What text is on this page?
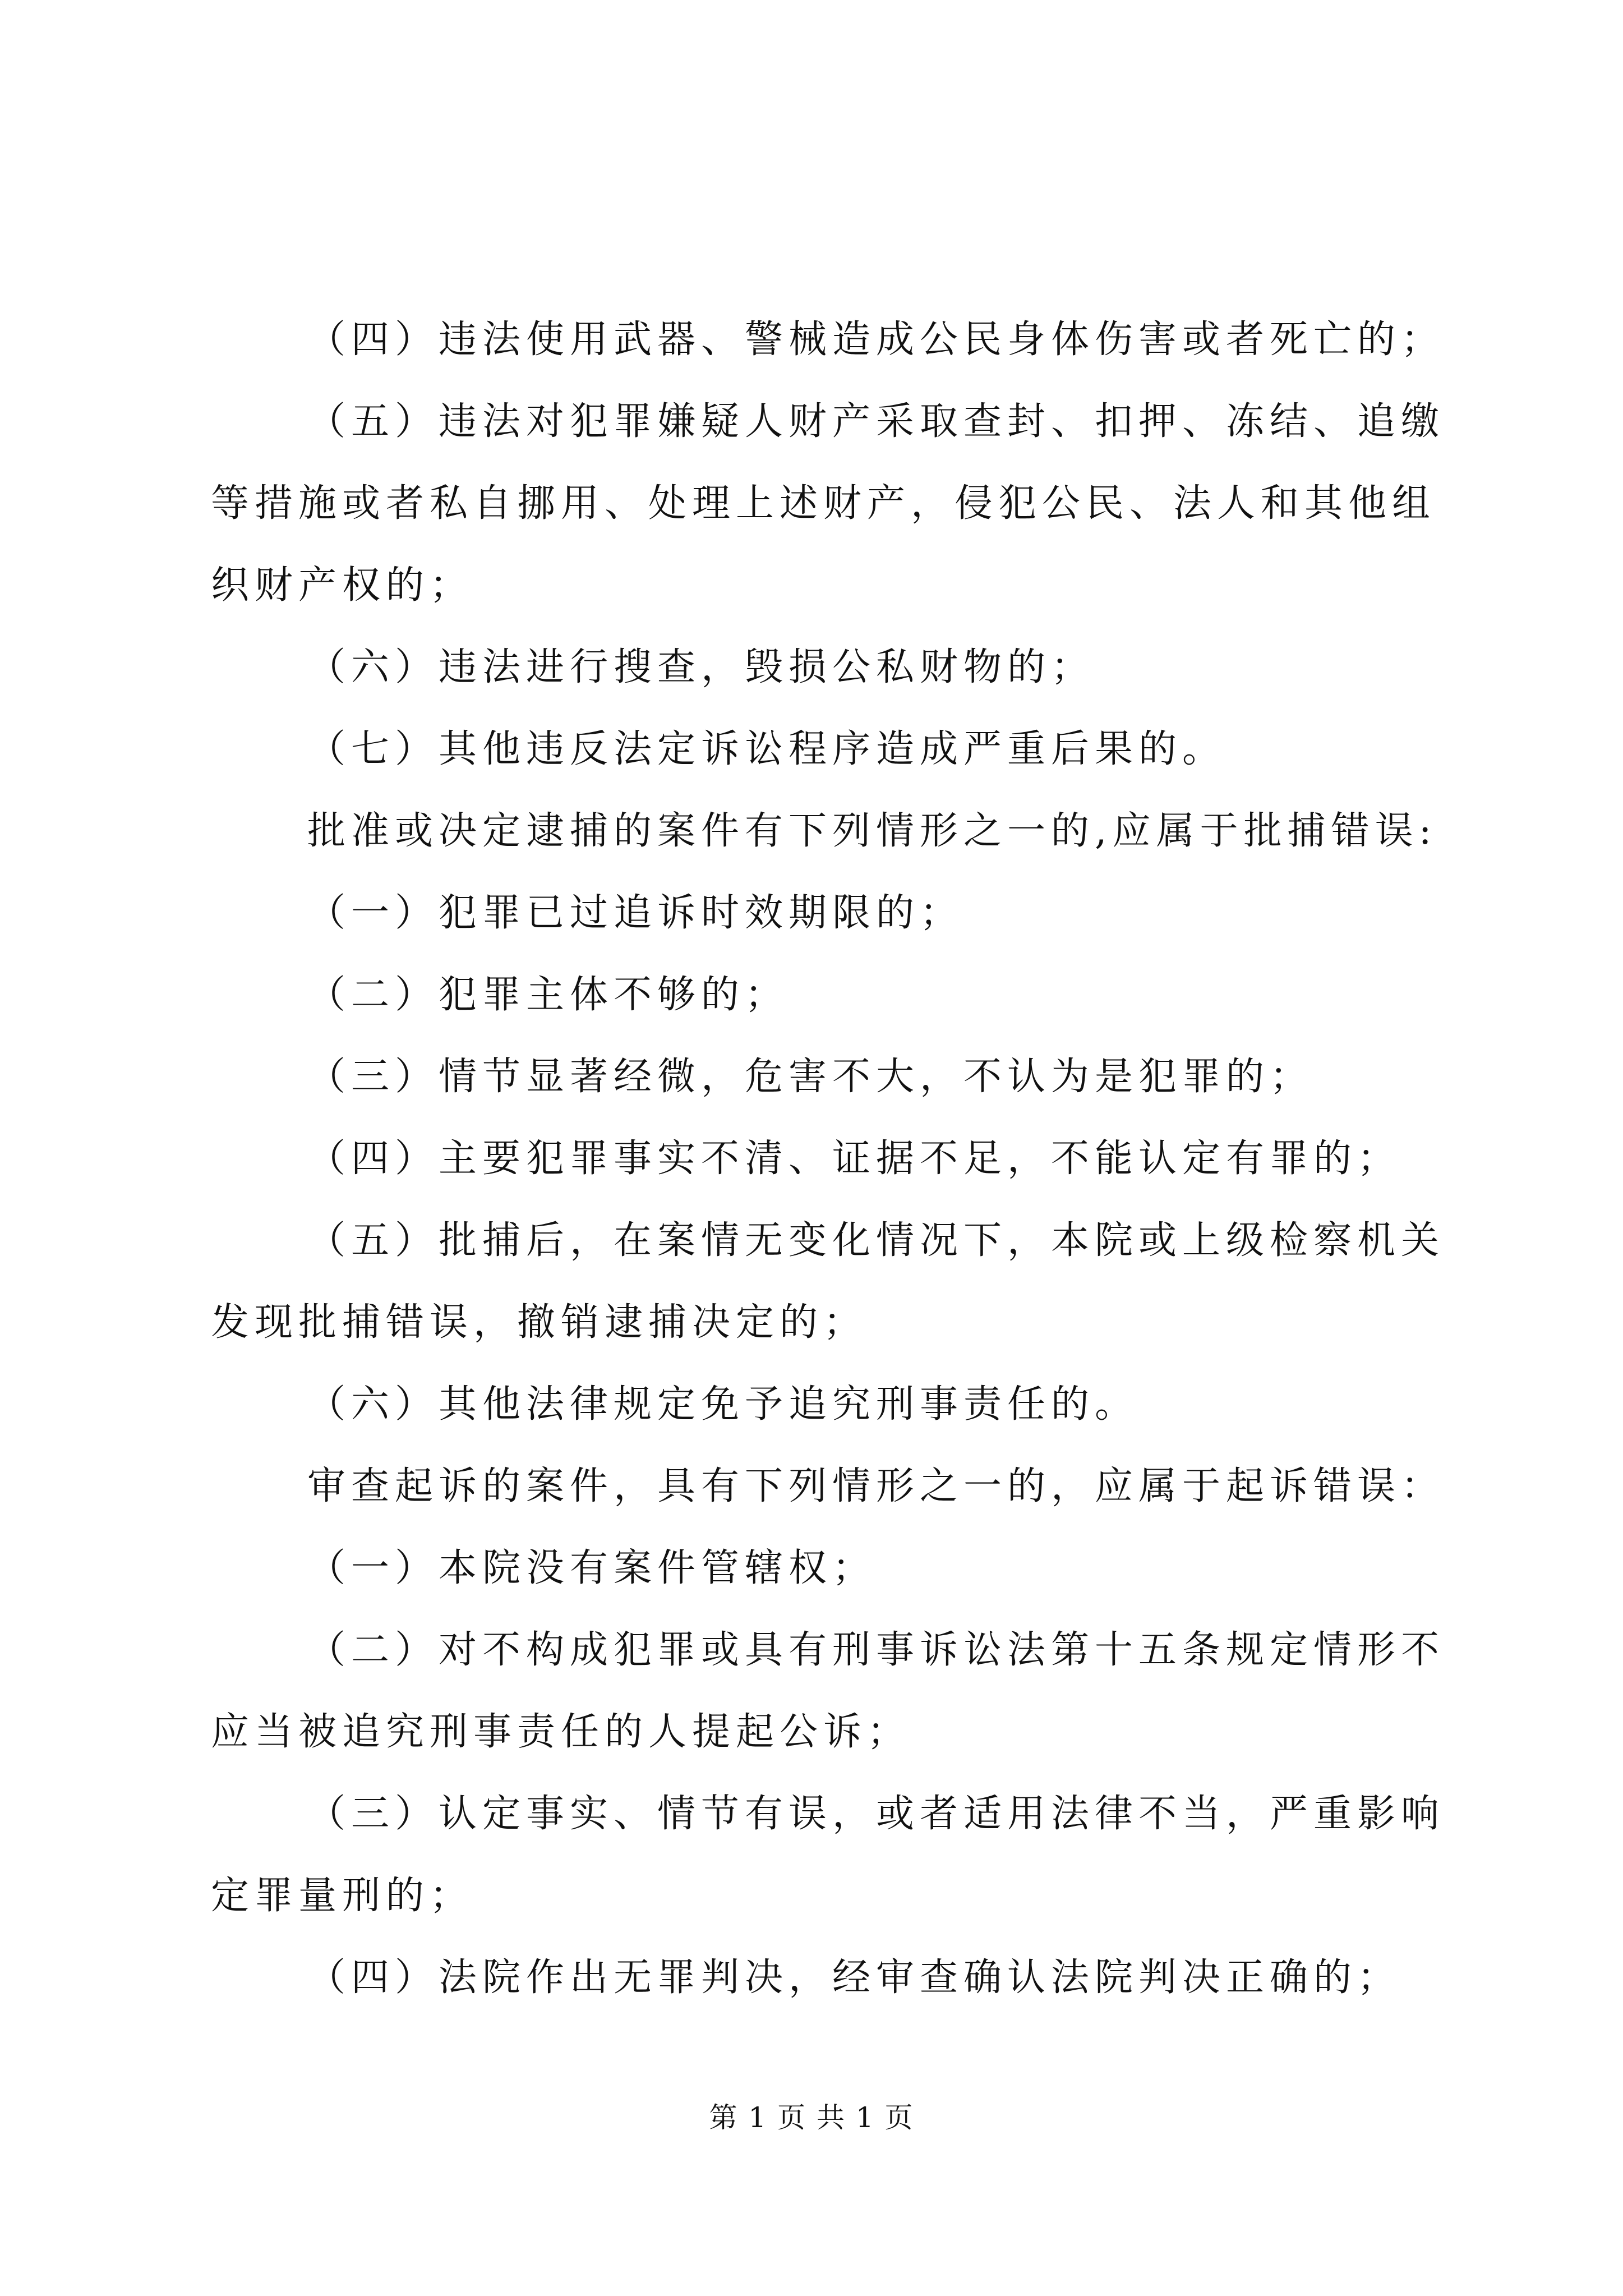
（四）违法使用武器、警械造成公民身体伤害或者死亡的；
（五）违法对犯罪嫌疑人财产采取查封、扣押、冻结、追缴
等措施或者私自挪用、处理上述财产，侵犯公民、法人和其他组
织财产权的；
（六）违法进行搜查，毁损公私财物的；
（七）其他违反法定诉讼程序造成严重后果的。
批准或决定逮捕的案件有下列情形之一的,应属于批捕错误:
（一）犯罪已过追诉时效期限的；
（二）犯罪主体不够的；
（三）情节显著经微，危害不大，不认为是犯罪的；
（四）主要犯罪事实不清、证据不足，不能认定有罪的；
（五）批捕后，在案情无变化情况下，本院或上级检察机关
发现批捕错误，撤销逮捕决定的；
（六）其他法律规定免予追究刑事责任的。
审查起诉的案件，具有下列情形之一的，应属于起诉错误：
（一）本院没有案件管辖权；
（二）对不构成犯罪或具有刑事诉讼法第十五条规定情形不
应当被追究刑事责任的人提起公诉；
（三）认定事实、情节有误，或者适用法律不当，严重影响
定罪量刑的；
（四）法院作出无罪判决，经审查确认法院判决正确的；
第 1 页 共 1 页
